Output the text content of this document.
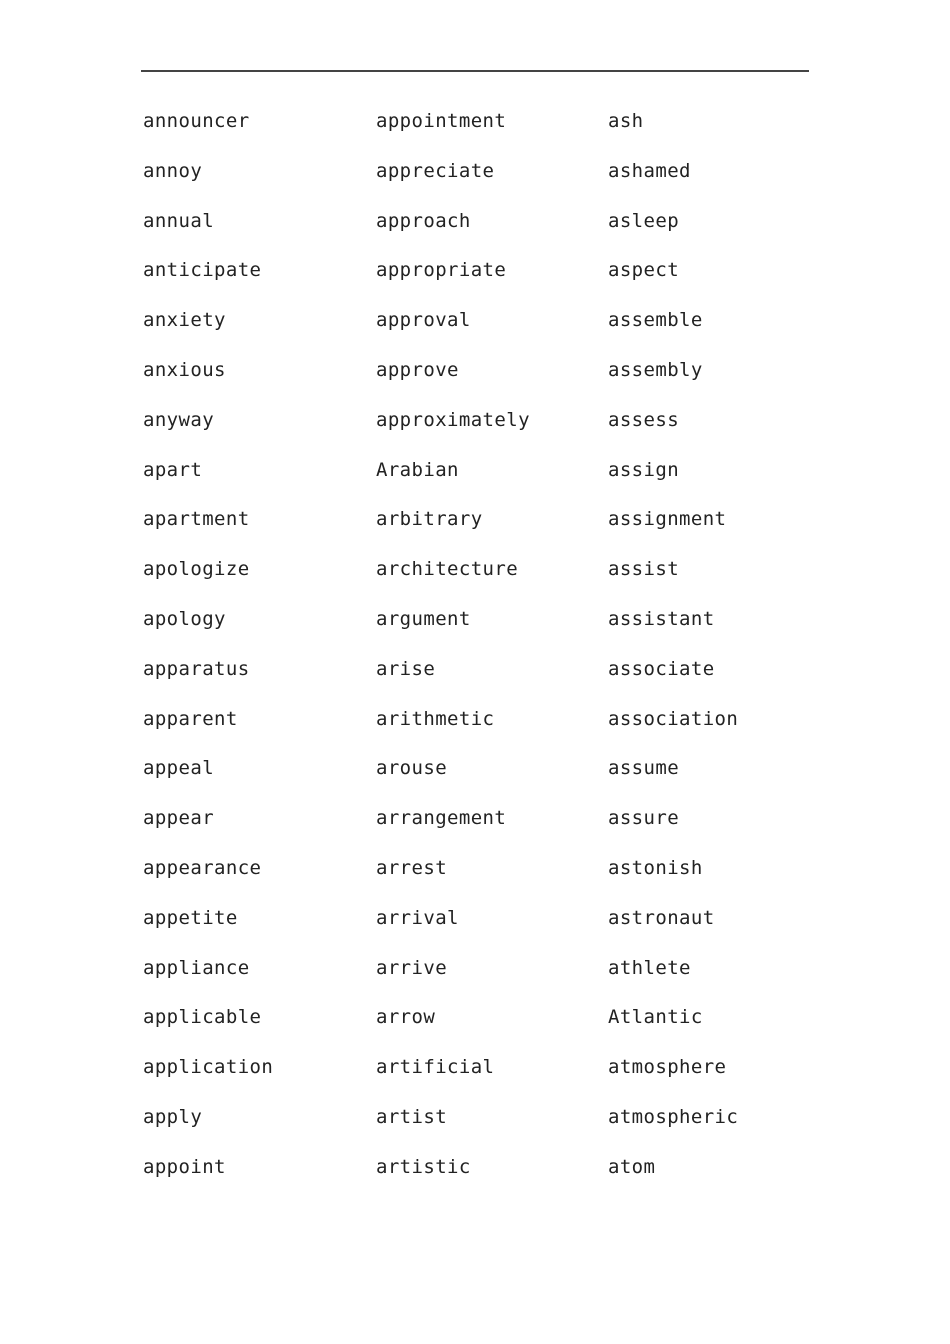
announcer
annoy
annual
anticipate
anxiety
anxious
anyway
apart
apartment
apologize
apology
apparatus
apparent
appeal
appear
appearance
appetite
appliance
applicable
application
apply
appoint
appointment
appreciate
approach
appropriate
approval
approve
approximately
Arabian
arbitrary
architecture
argument
arise
arithmetic
arouse
arrangement
arrest
arrival
arrive
arrow
artificial
artist
artistic
ash
ashamed
asleep
aspect
assemble
assembly
assess
assign
assignment
assist
assistant
associate
association
assume
assure
astonish
astronaut
athlete
Atlantic
atmosphere
atmospheric
atom
